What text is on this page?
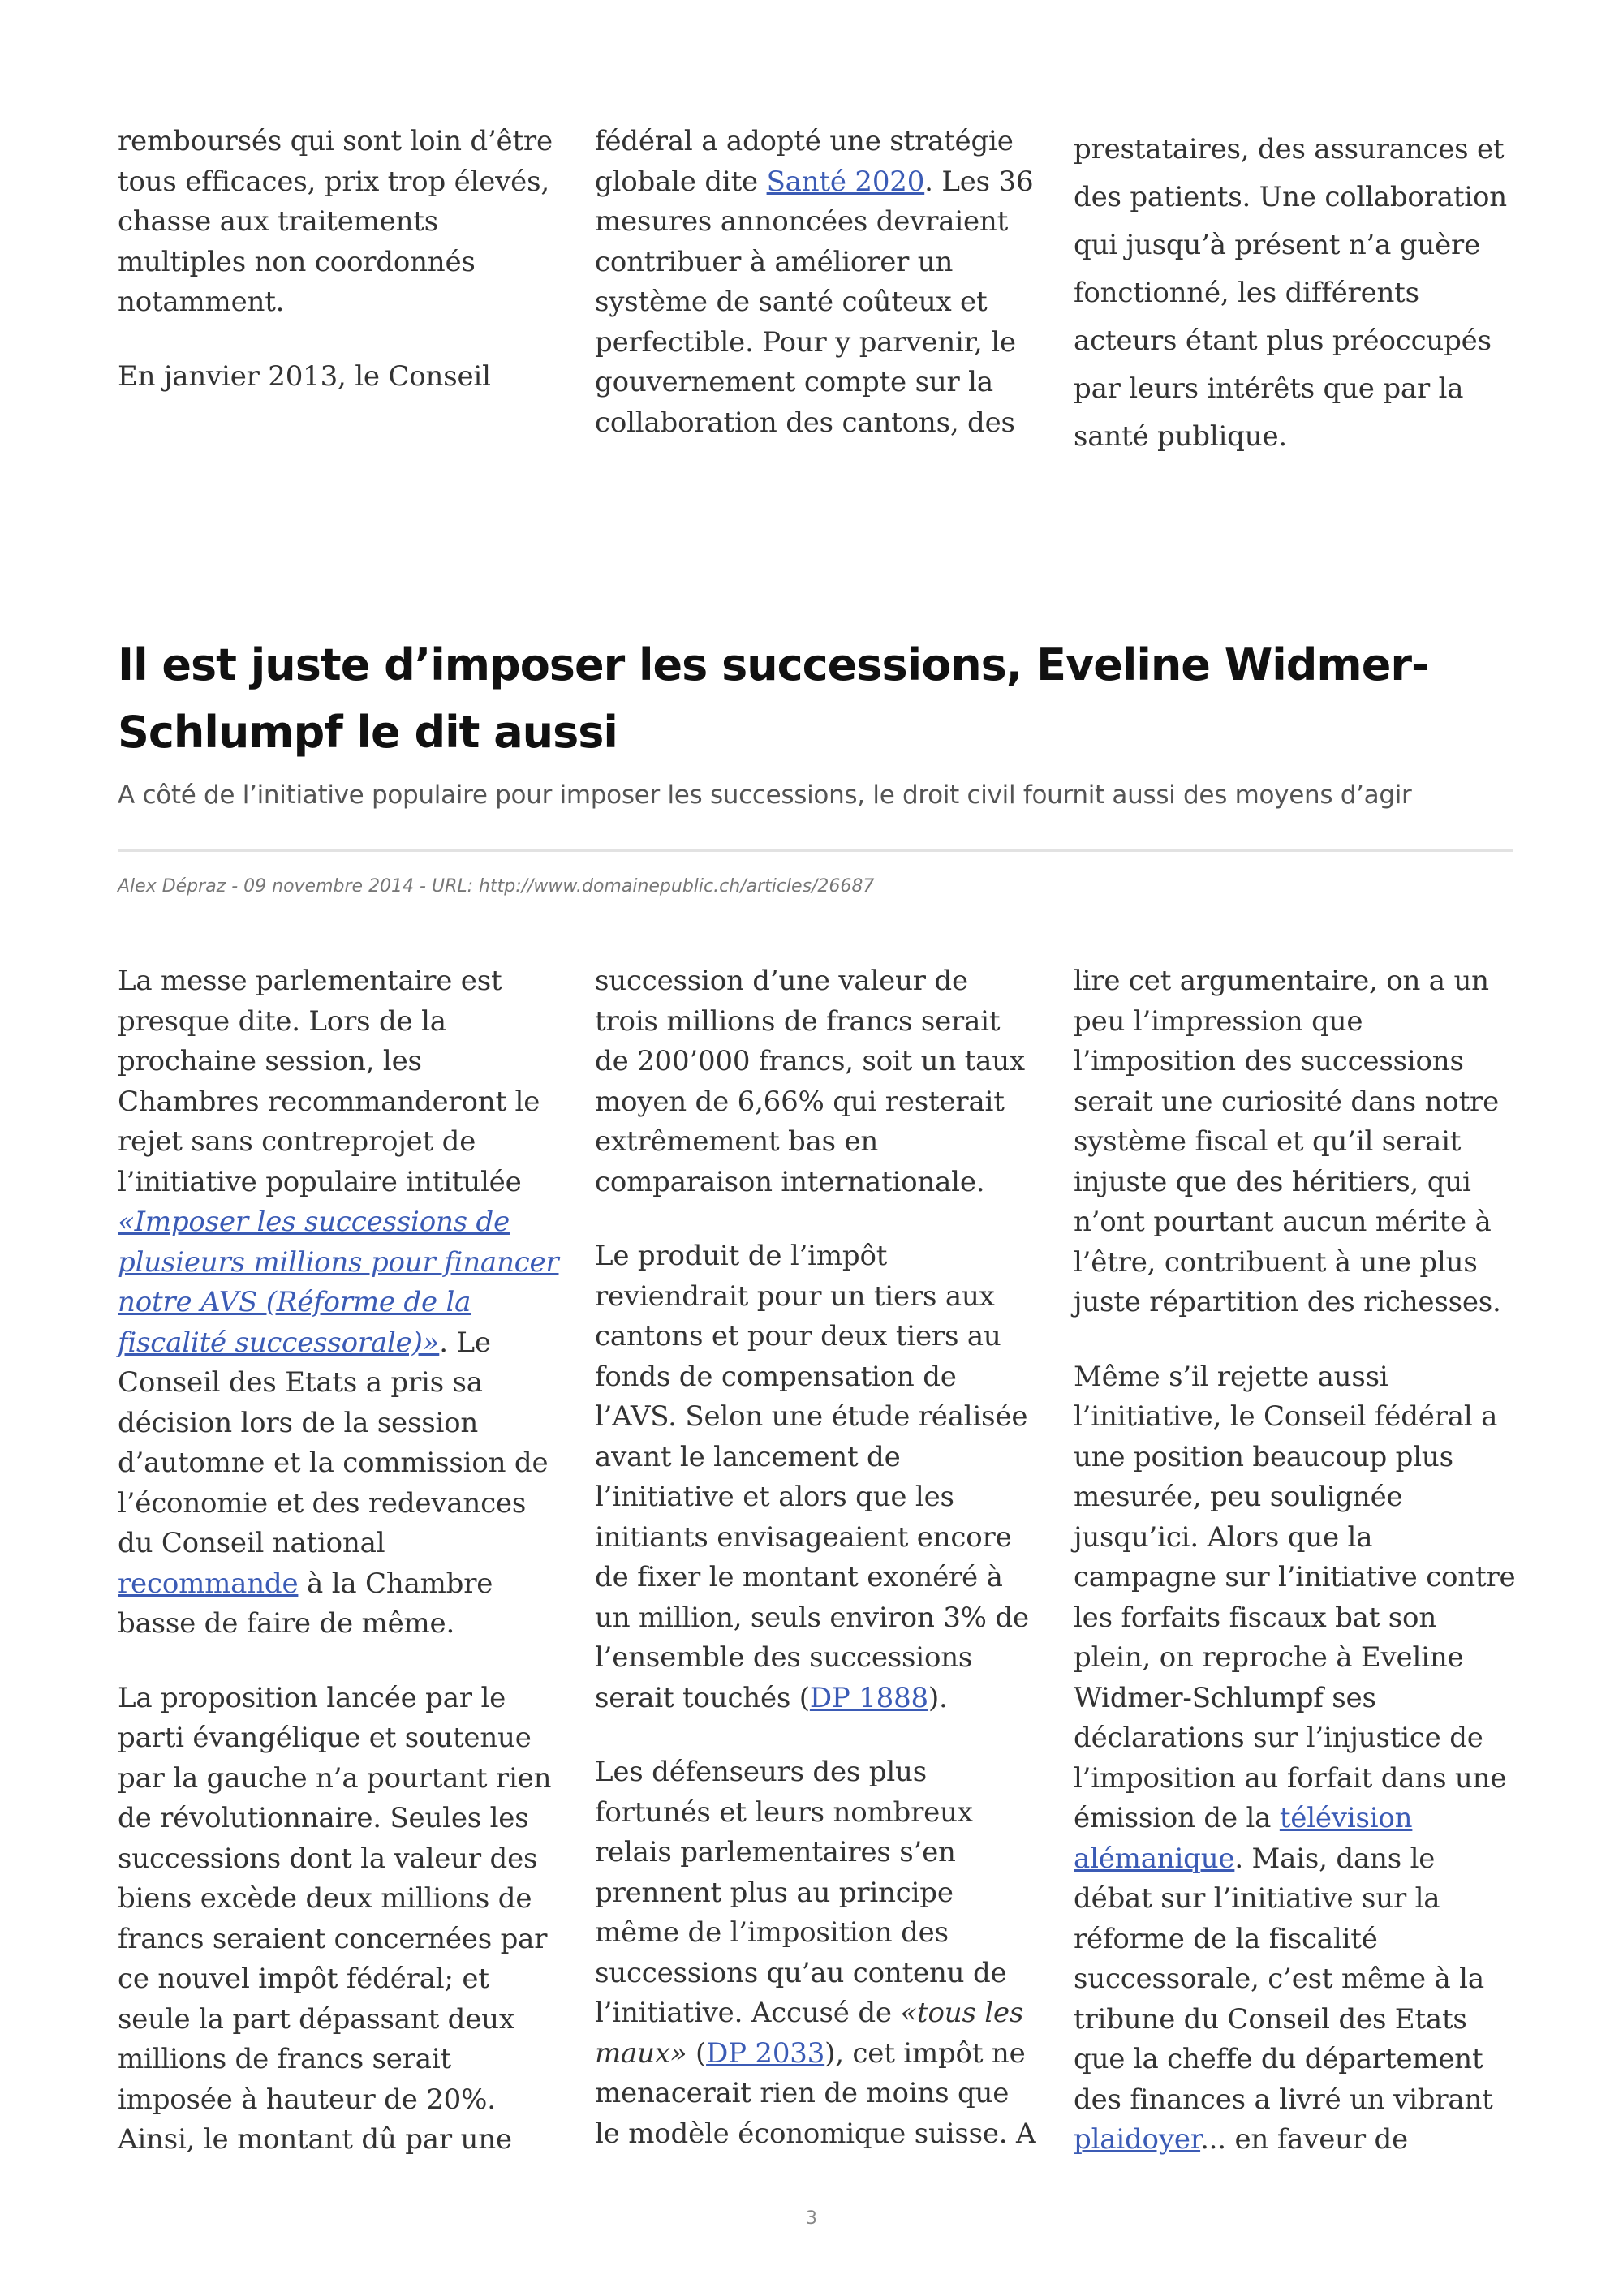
remboursés qui sont loin d’être tous efficaces, prix trop élevés, chasse aux traitements multiples non coordonnés notamment.

En janvier 2013, le Conseil

fédéral a adopté une stratégie globale dite Santé 2020. Les 36 mesures annoncées devraient contribuer à améliorer un système de santé coûteux et perfectible. Pour y parvenir, le gouvernement compte sur la collaboration des cantons, des

prestataires, des assurances et des patients. Une collaboration qui jusqu’à présent n’a guère fonctionné, les différents acteurs étant plus préoccupés par leurs intérêts que par la santé publique.

Il est juste d’imposer les successions, Eveline Widmer-Schlumpf le dit aussi

A côté de l’initiative populaire pour imposer les successions, le droit civil fournit aussi des moyens d’agir

Alex Dépraz - 09 novembre 2014 - URL: http://www.domainepublic.ch/articles/26687

La messe parlementaire est presque dite. Lors de la prochaine session, les Chambres recommanderont le rejet sans contreprojet de l’initiative populaire intitulée «Imposer les successions de plusieurs millions pour financer notre AVS (Réforme de la fiscalité successorale)». Le Conseil des Etats a pris sa décision lors de la session d’automne et la commission de l’économie et des redevances du Conseil national recommande à la Chambre basse de faire de même.

La proposition lancée par le parti évangélique et soutenue par la gauche n’a pourtant rien de révolutionnaire. Seules les successions dont la valeur des biens excède deux millions de francs seraient concernées par ce nouvel impôt fédéral; et seule la part dépassant deux millions de francs serait imposée à hauteur de 20%. Ainsi, le montant dû par une

succession d’une valeur de trois millions de francs serait de 200’000 francs, soit un taux moyen de 6,66% qui resterait extrêmement bas en comparaison internationale.

Le produit de l’impôt reviendrait pour un tiers aux cantons et pour deux tiers au fonds de compensation de l’AVS. Selon une étude réalisée avant le lancement de l’initiative et alors que les initiants envisageaient encore de fixer le montant exonéré à un million, seuls environ 3% de l’ensemble des successions serait touchés (DP 1888).

Les défenseurs des plus fortunés et leurs nombreux relais parlementaires s’en prennent plus au principe même de l’imposition des successions qu’au contenu de l’initiative. Accusé de «tous les maux» (DP 2033), cet impôt ne menacerait rien de moins que le modèle économique suisse. A

lire cet argumentaire, on a un peu l’impression que l’imposition des successions serait une curiosité dans notre système fiscal et qu’il serait injuste que des héritiers, qui n’ont pourtant aucun mérite à l’être, contribuent à une plus juste répartition des richesses.

Même s’il rejette aussi l’initiative, le Conseil fédéral a une position beaucoup plus mesurée, peu soulignée jusqu’ici. Alors que la campagne sur l’initiative contre les forfaits fiscaux bat son plein, on reproche à Eveline Widmer-Schlumpf ses déclarations sur l’injustice de l’imposition au forfait dans une émission de la télévision alémanique. Mais, dans le débat sur l’initiative sur la réforme de la fiscalité successorale, c’est même à la tribune du Conseil des Etats que la cheffe du département des finances a livré un vibrant plaidoyer... en faveur de

3
